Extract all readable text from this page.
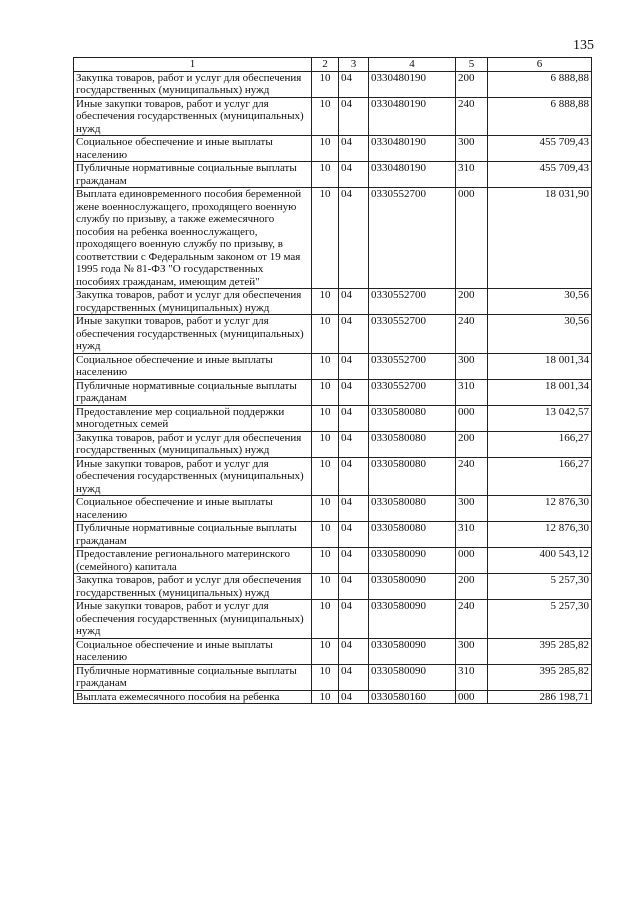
135
1	2	3	4	5	6
Закупка товаров, работ и услуг для обеспечения государственных (муниципальных) нужд	10	04	0330480190	200	6 888,88
Иные закупки товаров, работ и услуг для обеспечения государственных (муниципальных) нужд	10	04	0330480190	240	6 888,88
Социальное обеспечение и иные выплаты населению	10	04	0330480190	300	455 709,43
Публичные нормативные социальные выплаты гражданам	10	04	0330480190	310	455 709,43
Выплата единовременного пособия беременной жене военнослужащего, проходящего военную службу по призыву, а также ежемесячного пособия на ребенка военнослужащего, проходящего военную службу по призыву, в соответствии с Федеральным законом от 19 мая 1995 года № 81-ФЗ "О государственных пособиях гражданам, имеющим детей"	10	04	0330552700	000	18 031,90
Закупка товаров, работ и услуг для обеспечения государственных (муниципальных) нужд	10	04	0330552700	200	30,56
Иные закупки товаров, работ и услуг для обеспечения государственных (муниципальных) нужд	10	04	0330552700	240	30,56
Социальное обеспечение и иные выплаты населению	10	04	0330552700	300	18 001,34
Публичные нормативные социальные выплаты гражданам	10	04	0330552700	310	18 001,34
Предоставление мер социальной поддержки многодетных семей	10	04	0330580080	000	13 042,57
Закупка товаров, работ и услуг для обеспечения государственных (муниципальных) нужд	10	04	0330580080	200	166,27
Иные закупки товаров, работ и услуг для обеспечения государственных (муниципальных) нужд	10	04	0330580080	240	166,27
Социальное обеспечение и иные выплаты населению	10	04	0330580080	300	12 876,30
Публичные нормативные социальные выплаты гражданам	10	04	0330580080	310	12 876,30
Предоставление регионального материнского (семейного) капитала	10	04	0330580090	000	400 543,12
Закупка товаров, работ и услуг для обеспечения государственных (муниципальных) нужд	10	04	0330580090	200	5 257,30
Иные закупки товаров, работ и услуг для обеспечения государственных (муниципальных) нужд	10	04	0330580090	240	5 257,30
Социальное обеспечение и иные выплаты населению	10	04	0330580090	300	395 285,82
Публичные нормативные социальные выплаты гражданам	10	04	0330580090	310	395 285,82
Выплата ежемесячного пособия на ребенка	10	04	0330580160	000	286 198,71
